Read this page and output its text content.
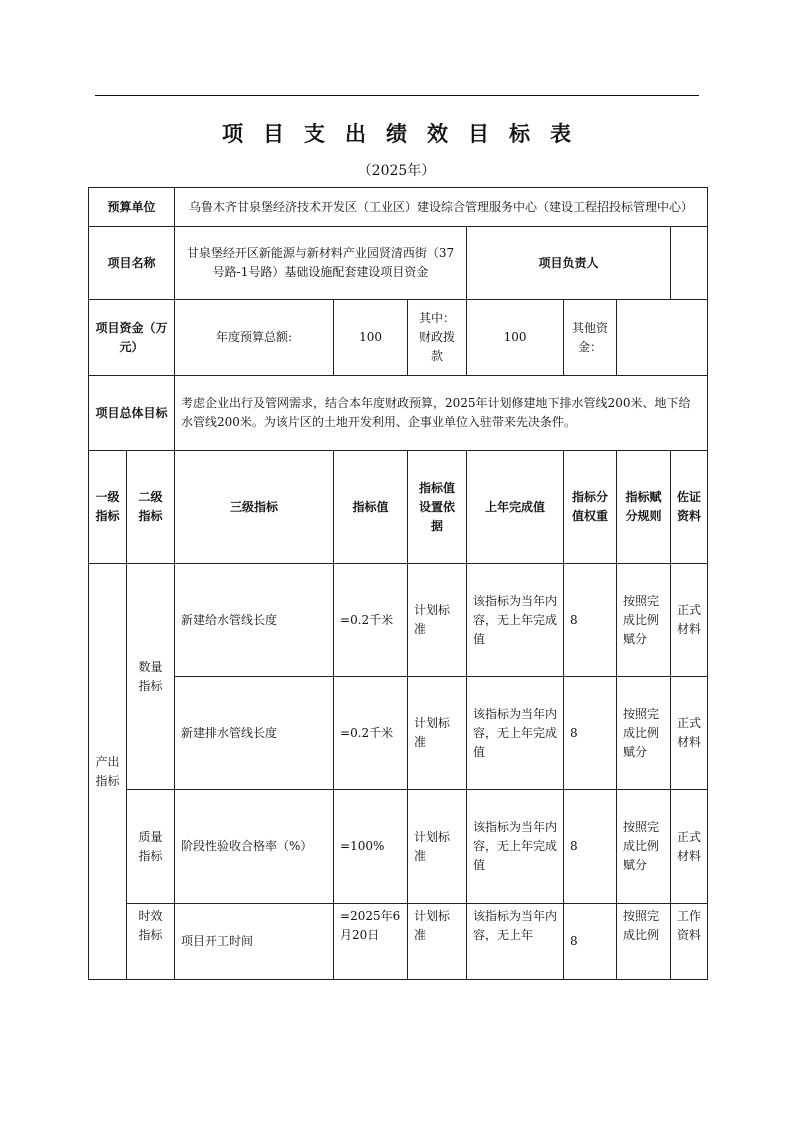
项目支出绩效目标表
（2025年）
预算单位		乌鲁木齐甘泉堡经济技术开发区（工业区）建设综合管理服务中心（建设工程招投标管理中心）						
项目名称		甘泉堡经开区新能源与新材料产业园贤清西街（37号路-1号路）基础设施配套建设项目资金			项目负责人			
项目资金（万元）		年度预算总额:	100	其中：财政拨款	100	其他资金：		
项目总体目标		考虑企业出行及管网需求，结合本年度财政预算，2025年计划修建地下排水管线200米、地下给水管线200米。为该片区的土地开发利用、企事业单位入驻带来先决条件。						
一级指标	二级指标	三级指标	指标值	指标值设置依据	上年完成值	指标分值权重	指标赋分规则	佐证资料
产出指标	数量指标	新建给水管线长度	=0.2千米	计划标准	该指标为当年内容，无上年完成值	8	按照完成比例赋分	正式材料
		新建排水管线长度	=0.2千米	计划标准	该指标为当年内容，无上年完成值	8	按照完成比例赋分	正式材料
	质量指标	阶段性验收合格率（%）	=100%	计划标准	该指标为当年内容，无上年完成值	8	按照完成比例赋分	正式材料
	时效指标	项目开工时间	=2025年6月20日	计划标准	该指标为当年内容，无上年	8	按照完成比例	工作资料
